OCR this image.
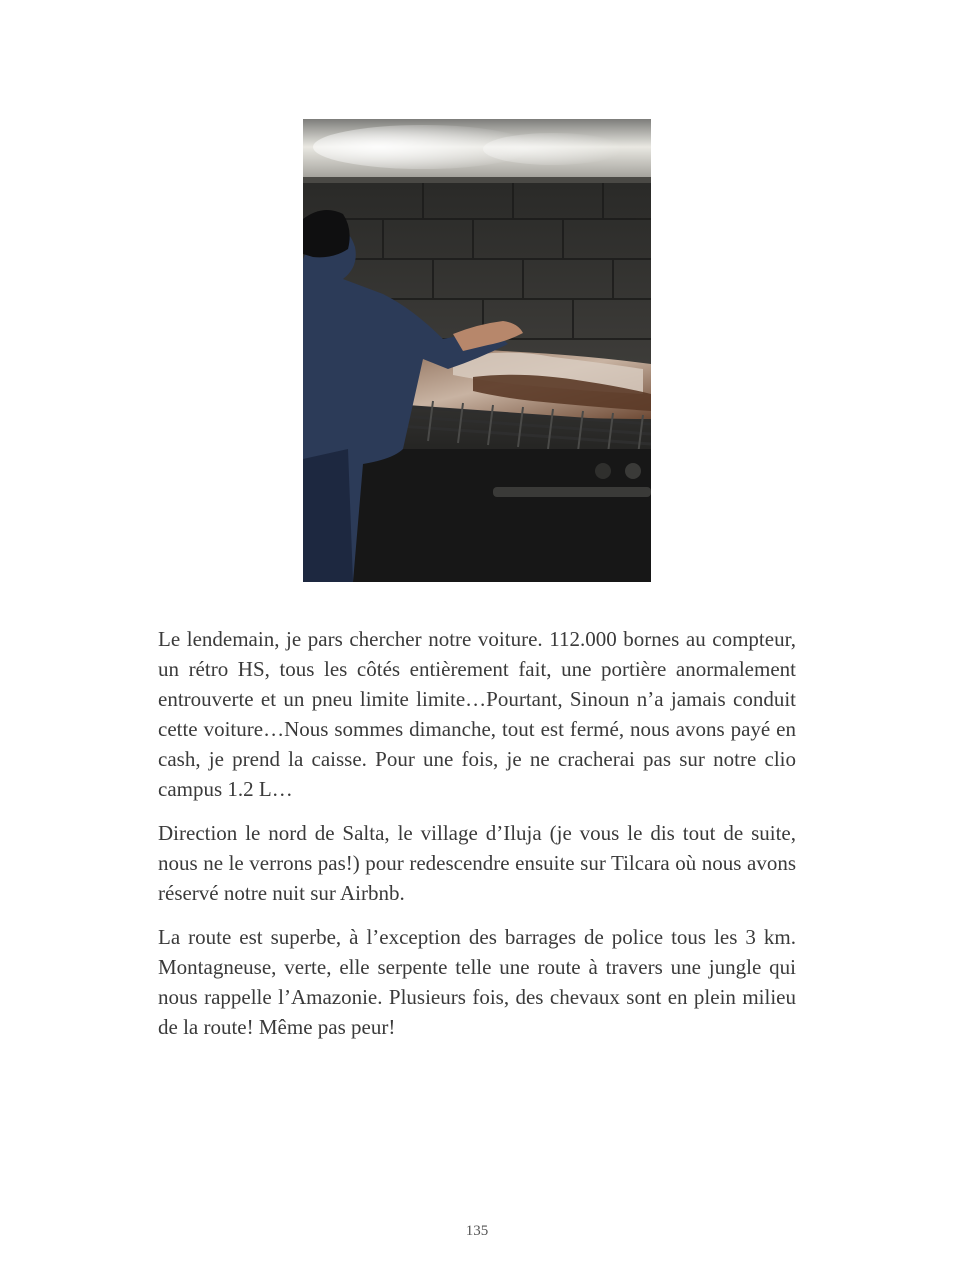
Le lendemain, je pars chercher notre voiture. 112.000 bornes au compteur, un rétro HS, tous les côtés entièrement fait, une portière anormalement entrouverte et un pneu limite limite…Pourtant, Sinoun n’a jamais conduit cette voiture…Nous sommes dimanche, tout est fermé, nous avons payé en cash, je prend la caisse. Pour une fois, je ne cracherai pas sur notre clio campus 1.2 L…

Direction le nord de Salta, le village d’Iluja (je vous le dis tout de suite, nous ne le verrons pas!) pour redescendre ensuite sur Tilcara où nous avons réservé notre nuit sur Airbnb.

La route est superbe, à l’exception des barrages de police tous les 3 km. Montagneuse, verte, elle serpente telle une route à travers une jungle qui nous rappelle l’Amazonie. Plusieurs fois, des chevaux sont en plein milieu de la route! Même pas peur!

135
